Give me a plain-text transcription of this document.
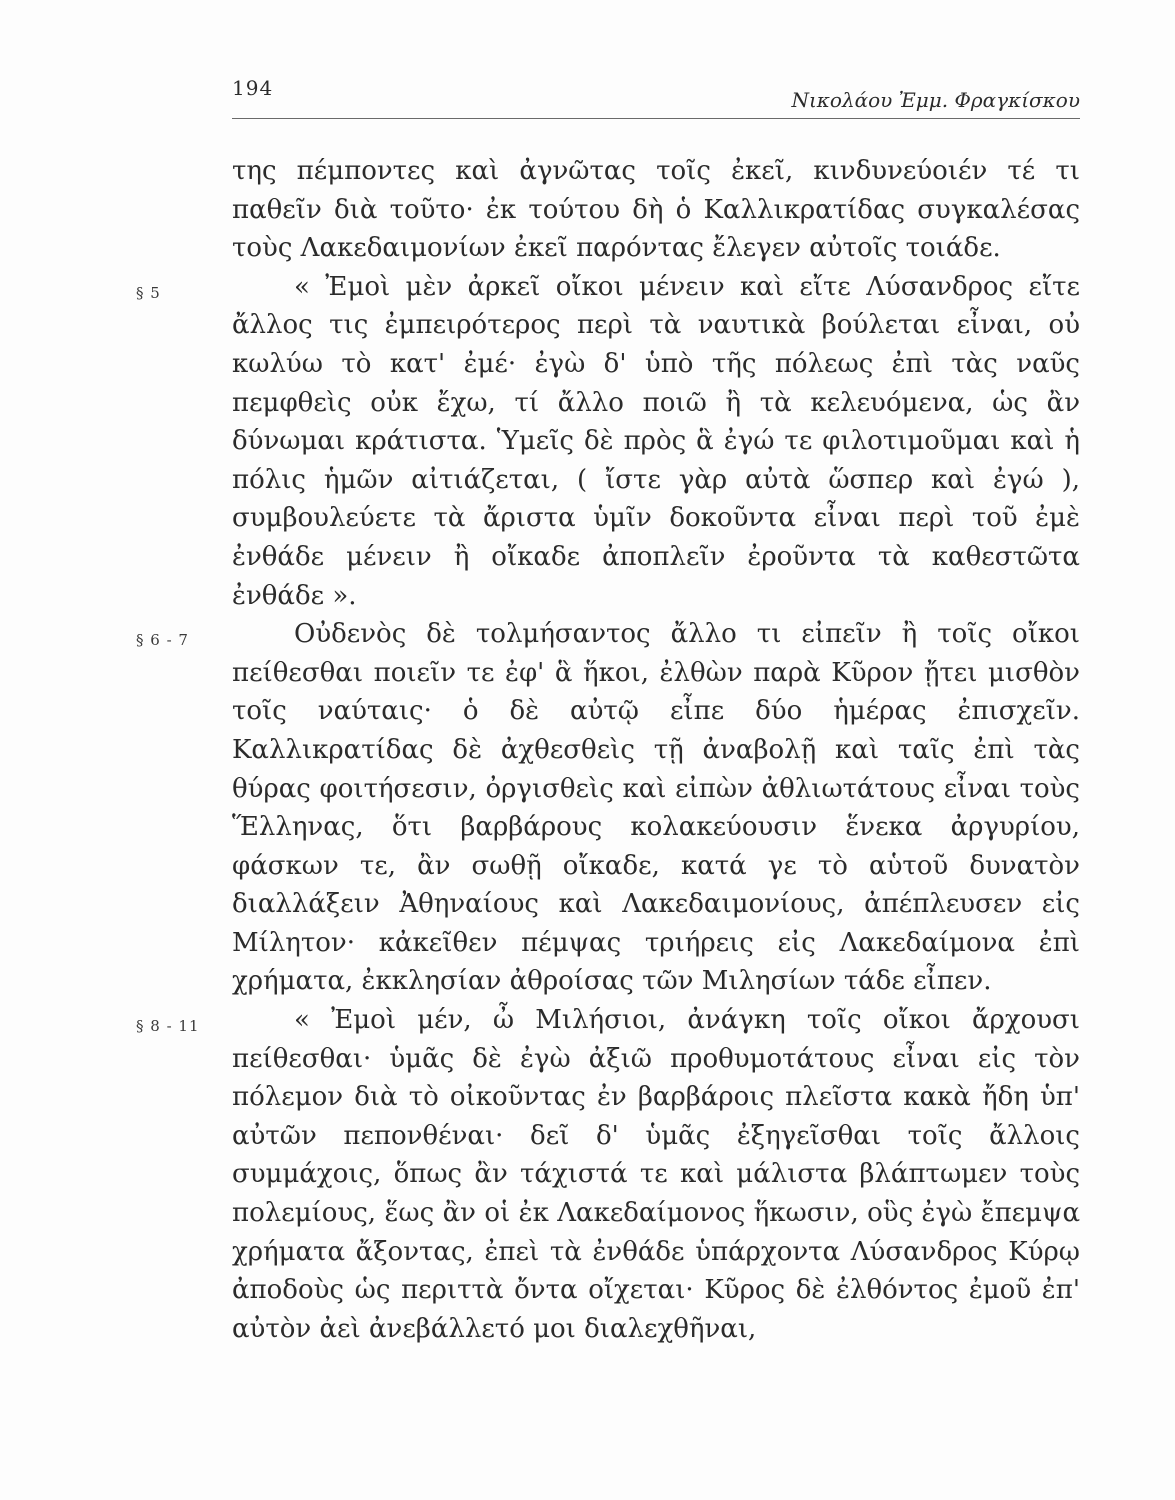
194	Νικολάου Ἐμμ. Φραγκίσκου

της πέμποντες καὶ ἀγνῶτας τοῖς ἐκεῖ, κινδυνεύοιέν τέ τι παθεῖν διὰ τοῦτο· ἐκ τούτου δὴ ὁ Καλλικρατίδας συγκαλέσας τοὺς Λακεδαιμονίων ἐκεῖ παρόντας ἔλεγεν αὐτοῖς τοιάδε.

§ 5	« Ἐμοὶ μὲν ἀρκεῖ οἴκοι μένειν καὶ εἴτε Λύσανδρος εἴτε ἄλλος τις ἐμπειρότερος περὶ τὰ ναυτικὰ βούλεται εἶναι, οὐ κωλύω τὸ κατ' ἐμέ· ἐγὼ δ' ὑπὸ τῆς πόλεως ἐπὶ τὰς ναῦς πεμφθεὶς οὐκ ἔχω, τί ἄλλο ποιῶ ἢ τὰ κελευόμενα, ὡς ἂν δύνωμαι κράτιστα. Ὑμεῖς δὲ πρὸς ἃ ἐγώ τε φιλοτιμοῦμαι καὶ ἡ πόλις ἡμῶν αἰτιάζεται, ( ἴστε γὰρ αὐτὰ ὥσπερ καὶ ἐγώ ), συμβουλεύετε τὰ ἄριστα ὑμῖν δοκοῦντα εἶναι περὶ τοῦ ἐμὲ ἐνθάδε μένειν ἢ οἴκαδε ἀποπλεῖν ἐροῦντα τὰ καθεστῶτα ἐνθάδε ».

§ 6 - 7	Οὐδενὸς δὲ τολμήσαντος ἄλλο τι εἰπεῖν ἢ τοῖς οἴκοι πείθεσθαι ποιεῖν τε ἐφ' ἃ ἥκοι, ἐλθὼν παρὰ Κῦρον ᾔτει μισθὸν τοῖς ναύταις· ὁ δὲ αὐτῷ εἶπε δύο ἡμέρας ἐπισχεῖν. Καλλικρατίδας δὲ ἀχθεσθεὶς τῇ ἀναβολῇ καὶ ταῖς ἐπὶ τὰς θύρας φοιτήσεσιν, ὀργισθεὶς καὶ εἰπὼν ἀθλιωτάτους εἶναι τοὺς Ἕλληνας, ὅτι βαρβάρους κολακεύουσιν ἕνεκα ἀργυρίου, φάσκων τε, ἂν σωθῇ οἴκαδε, κατά γε τὸ αὑτοῦ δυνατὸν διαλλάξειν Ἀθηναίους καὶ Λακεδαιμονίους, ἀπέπλευσεν εἰς Μίλητον· κἀκεῖθεν πέμψας τριήρεις εἰς Λακεδαίμονα ἐπὶ χρήματα, ἐκκλησίαν ἀθροίσας τῶν Μιλησίων τάδε εἶπεν.

§ 8 - 11	« Ἐμοὶ μέν, ὦ Μιλήσιοι, ἀνάγκη τοῖς οἴκοι ἄρχουσι πείθεσθαι· ὑμᾶς δὲ ἐγὼ ἀξιῶ προθυμοτάτους εἶναι εἰς τὸν πόλεμον διὰ τὸ οἰκοῦντας ἐν βαρβάροις πλεῖστα κακὰ ἤδη ὑπ' αὐτῶν πεπονθέναι· δεῖ δ' ὑμᾶς ἐξηγεῖσθαι τοῖς ἄλλοις συμμάχοις, ὅπως ἂν τάχιστά τε καὶ μάλιστα βλάπτωμεν τοὺς πολεμίους, ἕως ἂν οἱ ἐκ Λακεδαίμονος ἥκωσιν, οὓς ἐγὼ ἔπεμψα χρήματα ἄξοντας, ἐπεὶ τὰ ἐνθάδε ὑπάρχοντα Λύσανδρος Κύρῳ ἀποδοὺς ὡς περιττὰ ὄντα οἴχεται· Κῦρος δὲ ἐλθόντος ἐμοῦ ἐπ' αὐτὸν ἀεὶ ἀνεβάλλετό μοι διαλεχθῆναι,
